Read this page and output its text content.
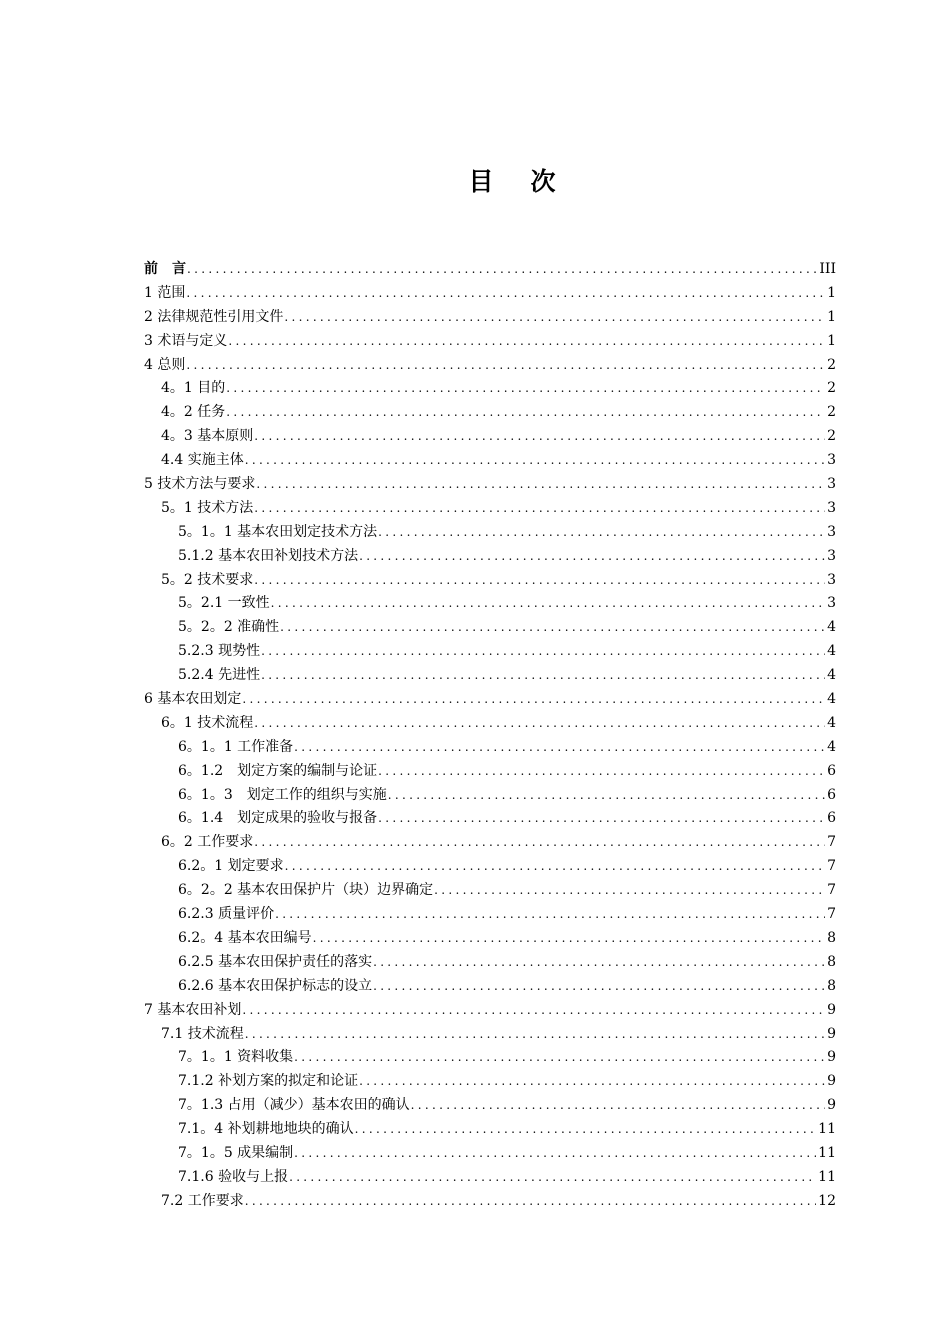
目　次
前　言 .....	III
1 范围 .....	1
2 法律规范性引用文件 .....	1
3 术语与定义 .....	1
4 总则 .....	2
4。1 目的 .....	2
4。2 任务 .....	2
4。3 基本原则 .....	2
4.4 实施主体 .....	3
5 技术方法与要求 .....	3
5。1 技术方法 .....	3
5。1。1 基本农田划定技术方法 .....	3
5.1.2 基本农田补划技术方法 .....	3
5。2 技术要求 .....	3
5。2.1 一致性 .....	3
5。2。2 准确性 .....	4
5.2.3 现势性 .....	4
5.2.4 先进性 .....	4
6 基本农田划定 .....	4
6。1 技术流程 .....	4
6。1。1 工作准备 .....	4
6。1.2　划定方案的编制与论证 .....	6
6。1。3　划定工作的组织与实施 .....	6
6。1.4　划定成果的验收与报备 .....	6
6。2 工作要求 .....	7
6.2。1 划定要求 .....	7
6。2。2 基本农田保护片（块）边界确定 .....	7
6.2.3 质量评价 .....	7
6.2。4 基本农田编号 .....	8
6.2.5 基本农田保护责任的落实 .....	8
6.2.6 基本农田保护标志的设立 .....	8
7 基本农田补划 .....	9
7.1 技术流程 .....	9
7。1。1 资料收集 .....	9
7.1.2 补划方案的拟定和论证 .....	9
7。1.3 占用（减少）基本农田的确认 .....	9
7.1。4 补划耕地地块的确认 .....	11
7。1。5 成果编制 .....	11
7.1.6 验收与上报 .....	11
7.2 工作要求 .....	12
